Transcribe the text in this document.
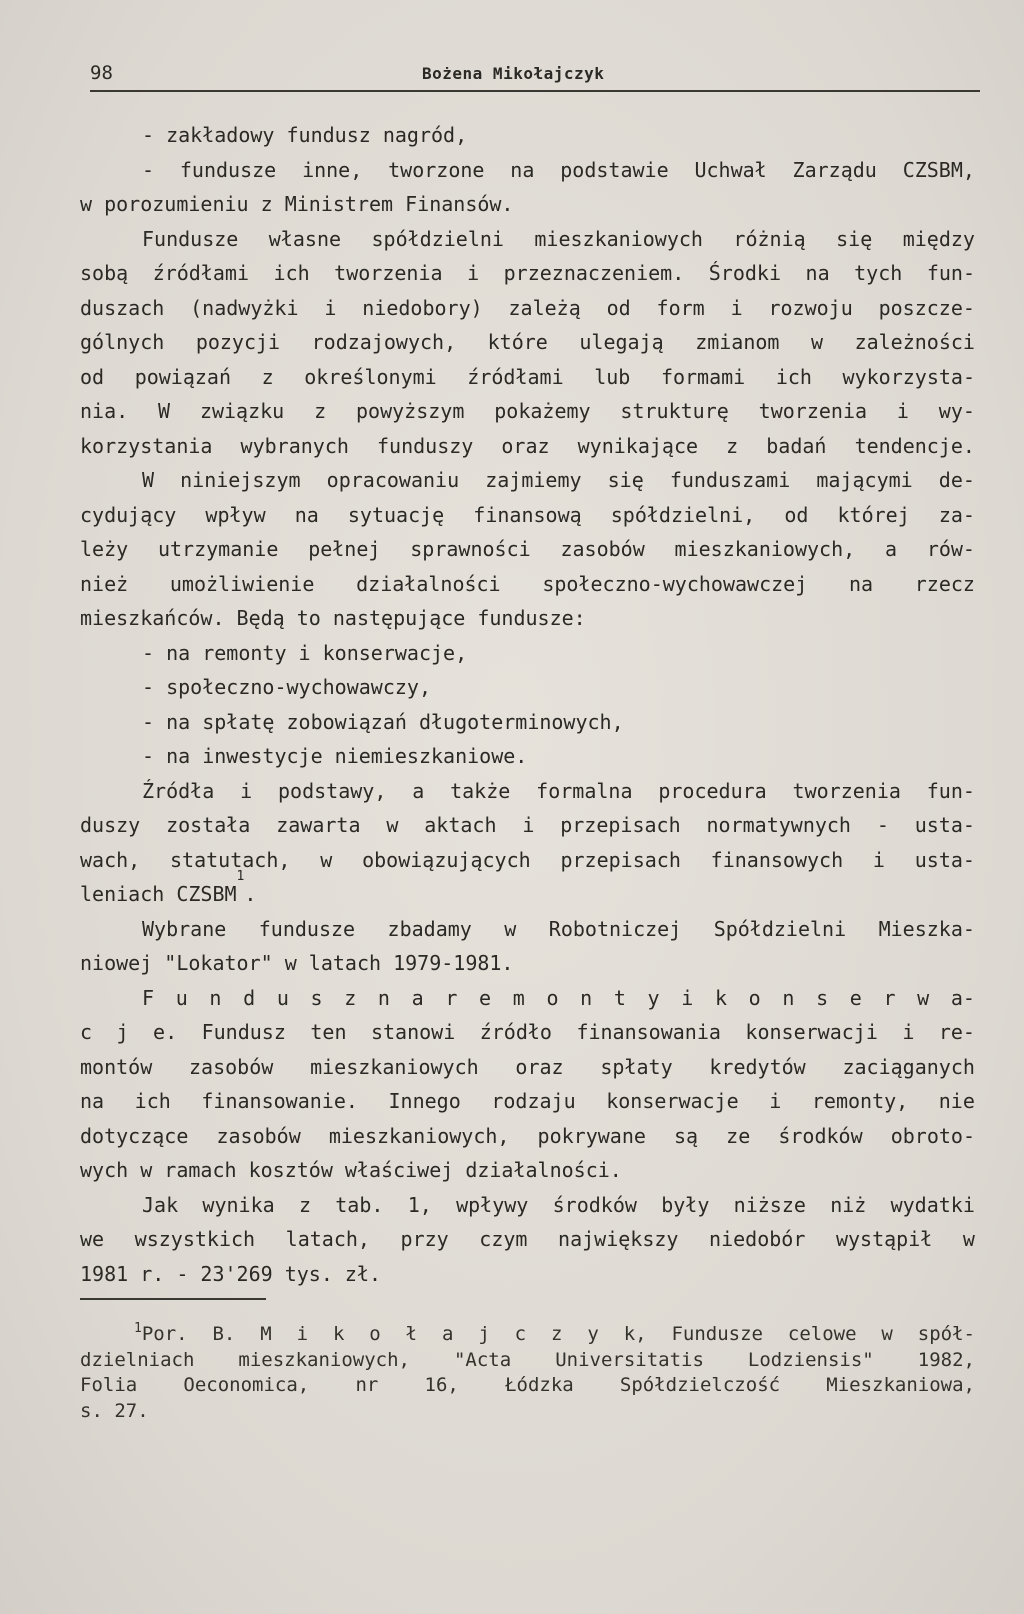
98	Bożena Mikołajczyk
- zakładowy fundusz nagród,
- fundusze inne, tworzone na podstawie Uchwał Zarządu CZSBM,
w porozumieniu z Ministrem Finansów.
Fundusze własne spółdzielni mieszkaniowych różnią się między
sobą źródłami ich tworzenia i przeznaczeniem. Środki na tych fun-
duszach (nadwyżki i niedobory) zależą od form i rozwoju poszcze-
gólnych pozycji rodzajowych, które ulegają zmianom w zależności
od powiązań z określonymi źródłami lub formami ich wykorzysta-
nia. W związku z powyższym pokażemy strukturę tworzenia i wy-
korzystania wybranych funduszy oraz wynikające z badań tendencje.
W niniejszym opracowaniu zajmiemy się funduszami mającymi de-
cydujący wpływ na sytuację finansową spółdzielni, od której za-
leży utrzymanie pełnej sprawności zasobów mieszkaniowych, a rów-
nież umożliwienie działalności społeczno-wychowawczej na rzecz
mieszkańców. Będą to następujące fundusze:
- na remonty i konserwacje,
- społeczno-wychowawczy,
- na spłatę zobowiązań długoterminowych,
- na inwestycje niemieszkaniowe.
Źródła i podstawy, a także formalna procedura tworzenia fun-
duszy została zawarta w aktach i przepisach normatywnych - usta-
wach, statutach, w obowiązujących przepisach finansowych i usta-
leniach CZSBM
1
.
Wybrane fundusze zbadamy w Robotniczej Spółdzielni Mieszka-
niowej "Lokator" w latach 1979-1981.
F u n d u s z n a r e m o n t y i k o n s e r w a-
c j e. Fundusz ten stanowi źródło finansowania konserwacji i re-
montów zasobów mieszkaniowych oraz spłaty kredytów zaciąganych
na ich finansowanie. Innego rodzaju konserwacje i remonty, nie
dotyczące zasobów mieszkaniowych, pokrywane są ze środków obroto-
wych w ramach kosztów właściwej działalności.
Jak wynika z tab. 1, wpływy środków były niższe niż wydatki
we wszystkich latach, przy czym największy niedobór wystąpił w
1981 r. - 23'269 tys. zł.
$^1$Por. B. M i k o ł a j c z y k, Fundusze celowe w spół-
dzielniach mieszkaniowych, "Acta Universitatis Lodziensis" 1982,
Folia Oeconomica, nr 16, Łódzka Spółdzielczość Mieszkaniowa,
s. 27.
